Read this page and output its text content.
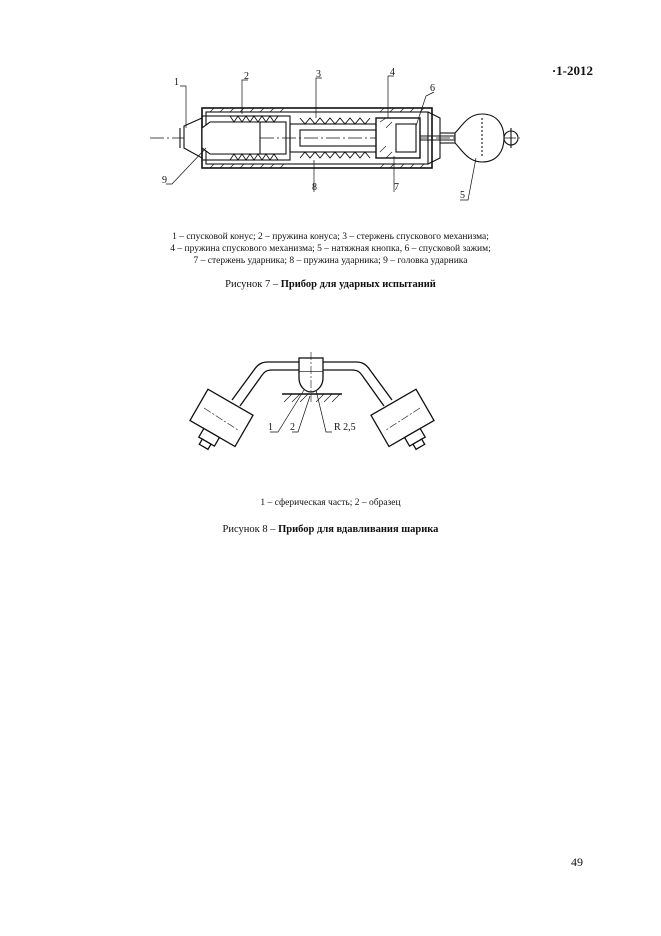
·1-2012
1
2	3	4
5
6
7
8
9
1 – спусковой конус; 2 – пружина конуса; 3 – стержень спускового механизма;
4 – пружина спускового механизма; 5 – натяжная кнопка, 6 – спусковой зажим;
7 – стержень ударника; 8 – пружина ударника; 9 – головка ударника
Рисунок 7 – Прибор для ударных испытаний
1 2	R 2,5
1 – сферическая часть; 2 – образец
Рисунок 8 – Прибор для вдавливания шарика
49
